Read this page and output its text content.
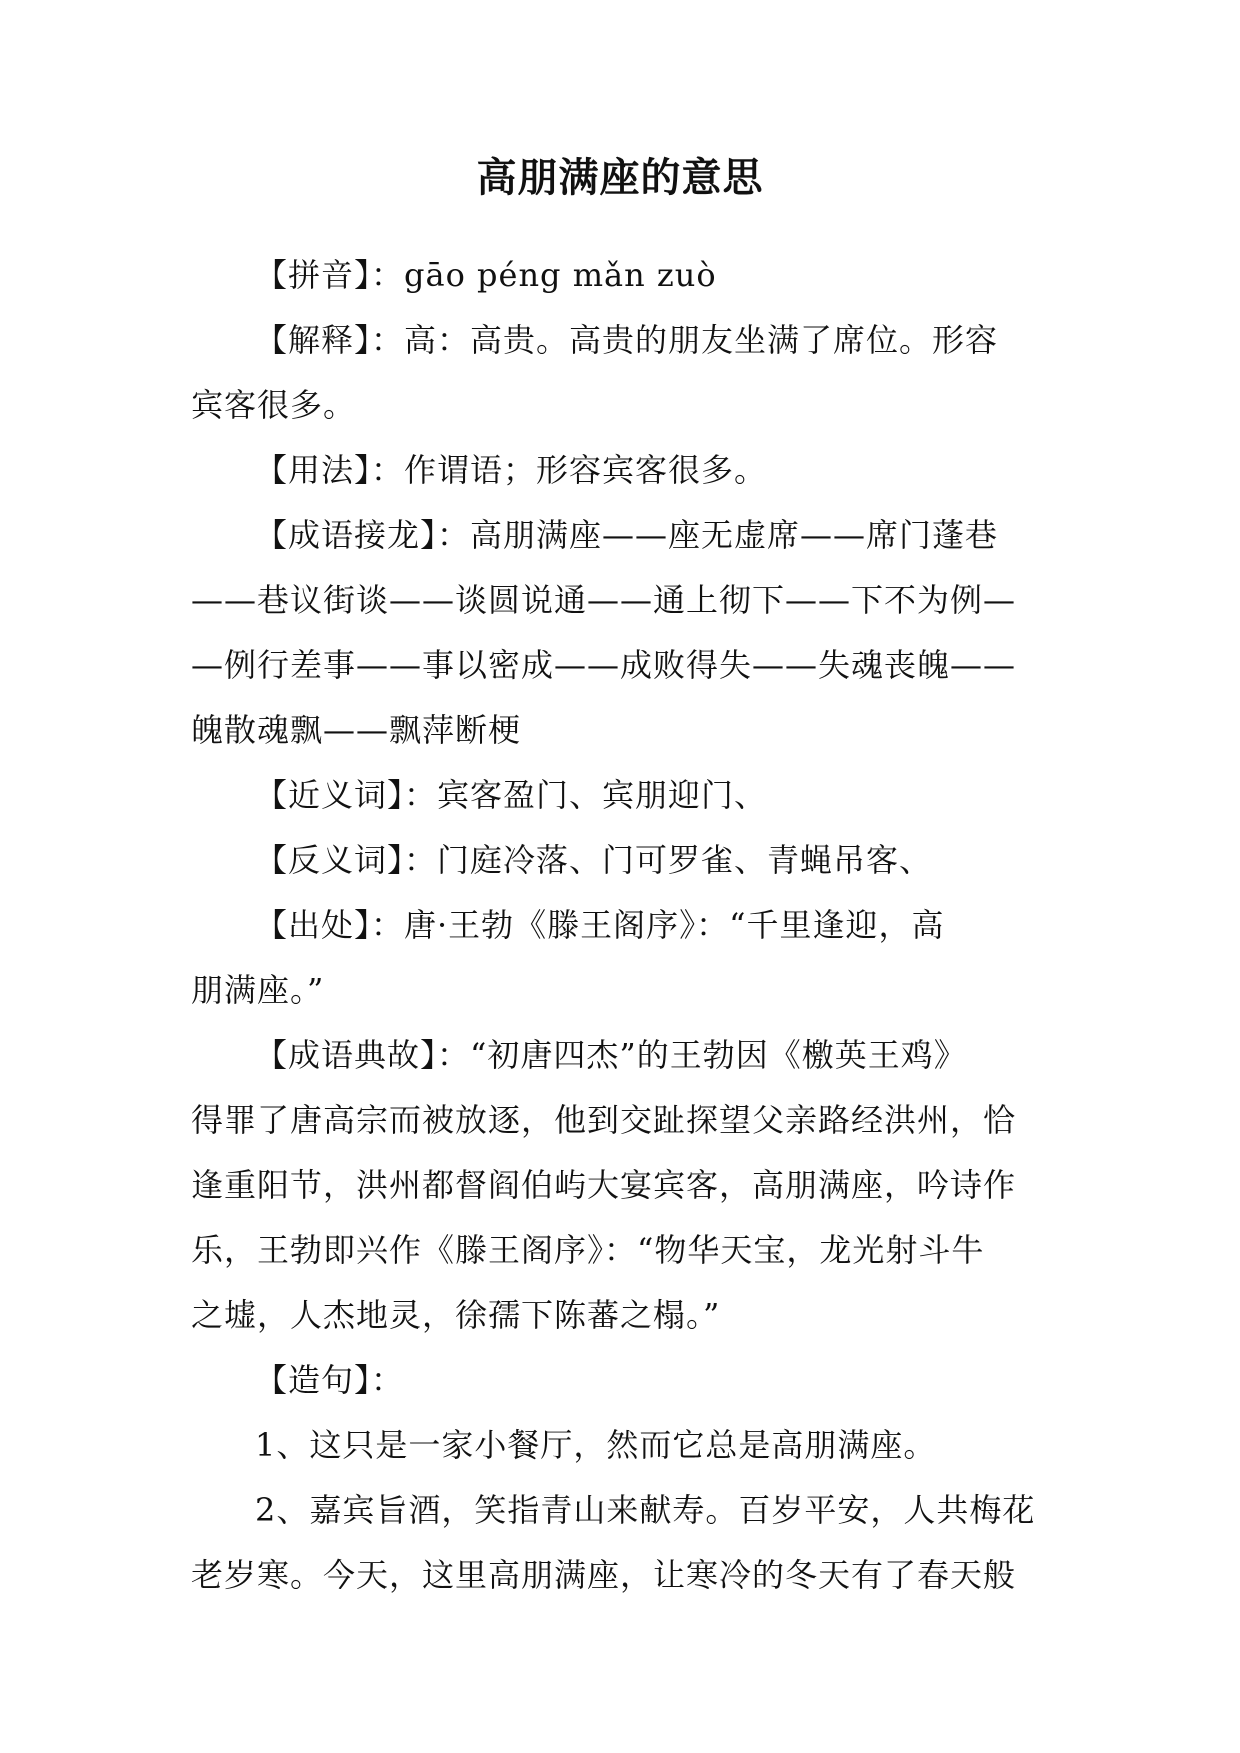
高朋满座的意思

【拼音】：gāo péng mǎn zuò

【解释】：高：高贵。高贵的朋友坐满了席位。形容
宾客很多。

【用法】：作谓语；形容宾客很多。

【成语接龙】：高朋满座——座无虚席——席门蓬巷
——巷议街谈——谈圆说通——通上彻下——下不为例—
—例行差事——事以密成——成败得失——失魂丧魄——
魄散魂飘——飘萍断梗

【近义词】：宾客盈门、宾朋迎门、

【反义词】：门庭冷落、门可罗雀、青蝇吊客、

【出处】：唐·王勃《滕王阁序》：“千里逢迎，高
朋满座。”

【成语典故】：“初唐四杰”的王勃因《檄英王鸡》
得罪了唐高宗而被放逐，他到交趾探望父亲路经洪州，恰
逢重阳节，洪州都督阎伯屿大宴宾客，高朋满座，吟诗作
乐，王勃即兴作《滕王阁序》：“物华天宝，龙光射斗牛
之墟，人杰地灵，徐孺下陈蕃之榻。”

【造句】：

1、这只是一家小餐厅，然而它总是高朋满座。

2、嘉宾旨酒，笑指青山来献寿。百岁平安，人共梅花
老岁寒。今天，这里高朋满座，让寒冷的冬天有了春天般
